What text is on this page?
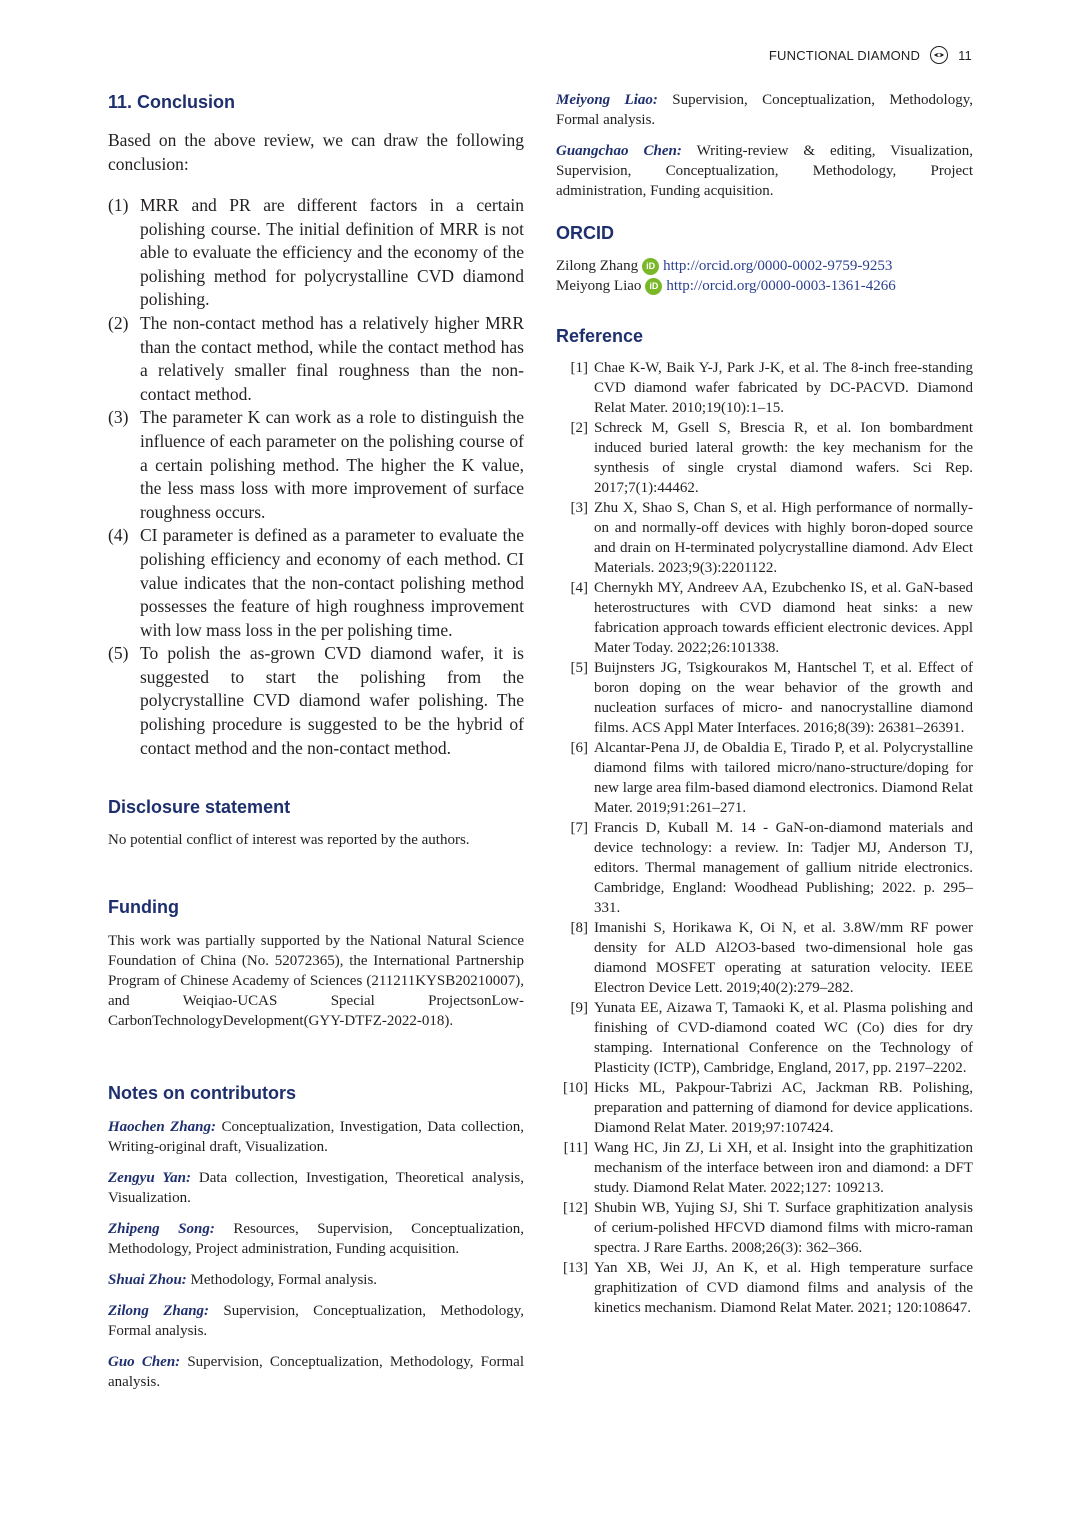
FUNCTIONAL DIAMOND	11
11. Conclusion

Based on the above review, we can draw the following conclusion:

(1) MRR and PR are different factors in a certain polishing course. The initial definition of MRR is not able to evaluate the efficiency and the economy of the polishing method for polycrystalline CVD diamond polishing.
(2) The non-contact method has a relatively higher MRR than the contact method, while the contact method has a relatively smaller final roughness than the non-contact method.
(3) The parameter K can work as a role to distinguish the influence of each parameter on the polishing course of a certain polishing method. The higher the K value, the less mass loss with more improvement of surface roughness occurs.
(4) CI parameter is defined as a parameter to evaluate the polishing efficiency and economy of each method. CI value indicates that the non-contact polishing method possesses the feature of high roughness improvement with low mass loss in the per polishing time.
(5) To polish the as-grown CVD diamond wafer, it is suggested to start the polishing from the polycrystalline CVD diamond wafer polishing. The polishing procedure is suggested to be the hybrid of contact method and the non-contact method.
Disclosure statement

No potential conflict of interest was reported by the authors.

Funding

This work was partially supported by the National Natural Science Foundation of China (No. 52072365), the International Partnership Program of Chinese Academy of Sciences (211211KYSB20210007), and Weiqiao-UCAS Special ProjectsonLow-CarbonTechnologyDevelopment(GYY-DTFZ-2022-018).

Notes on contributors

Haochen Zhang: Conceptualization, Investigation, Data collection, Writing-original draft, Visualization.

Zengyu Yan: Data collection, Investigation, Theoretical analysis, Visualization.

Zhipeng Song: Resources, Supervision, Conceptualization, Methodology, Project administration, Funding acquisition.

Shuai Zhou: Methodology, Formal analysis.

Zilong Zhang: Supervision, Conceptualization, Methodology, Formal analysis.

Guo Chen: Supervision, Conceptualization, Methodology, Formal analysis.

Meiyong Liao: Supervision, Conceptualization, Methodology, Formal analysis.

Guangchao Chen: Writing-review & editing, Visualization, Supervision, Conceptualization, Methodology, Project administration, Funding acquisition.

ORCID
Zilong Zhang iD http://orcid.org/0000-0002-9759-9253
Meiyong Liao iD http://orcid.org/0000-0003-1361-4266
Reference
[1] Chae K-W, Baik Y-J, Park J-K, et al. The 8-inch free-standing CVD diamond wafer fabricated by DC-PACVD. Diamond Relat Mater. 2010;19(10):1–15.
[2] Schreck M, Gsell S, Brescia R, et al. Ion bombardment induced buried lateral growth: the key mechanism for the synthesis of single crystal diamond wafers. Sci Rep. 2017;7(1):44462.
[3] Zhu X, Shao S, Chan S, et al. High performance of normally-on and normally-off devices with highly boron-doped source and drain on H-terminated polycrystalline diamond. Adv Elect Materials. 2023;9(3):2201122.
[4] Chernykh MY, Andreev AA, Ezubchenko IS, et al. GaN-based heterostructures with CVD diamond heat sinks: a new fabrication approach towards efficient electronic devices. Appl Mater Today. 2022;26:101338.
[5] Buijnsters JG, Tsigkourakos M, Hantschel T, et al. Effect of boron doping on the wear behavior of the growth and nucleation surfaces of micro- and nanocrystalline diamond films. ACS Appl Mater Interfaces. 2016;8(39): 26381–26391.
[6] Alcantar-Pena JJ, de Obaldia E, Tirado P, et al. Polycrystalline diamond films with tailored micro/nano-structure/doping for new large area film-based diamond electronics. Diamond Relat Mater. 2019;91:261–271.
[7] Francis D, Kuball M. 14 - GaN-on-diamond materials and device technology: a review. In: Tadjer MJ, Anderson TJ, editors. Thermal management of gallium nitride electronics. Cambridge, England: Woodhead Publishing; 2022. p. 295–331.
[8] Imanishi S, Horikawa K, Oi N, et al. 3.8W/mm RF power density for ALD Al2O3-based two-dimensional hole gas diamond MOSFET operating at saturation velocity. IEEE Electron Device Lett. 2019;40(2):279–282.
[9] Yunata EE, Aizawa T, Tamaoki K, et al. Plasma polishing and finishing of CVD-diamond coated WC (Co) dies for dry stamping. International Conference on the Technology of Plasticity (ICTP), Cambridge, England, 2017, pp. 2197–2202.
[10] Hicks ML, Pakpour-Tabrizi AC, Jackman RB. Polishing, preparation and patterning of diamond for device applications. Diamond Relat Mater. 2019;97:107424.
[11] Wang HC, Jin ZJ, Li XH, et al. Insight into the graphitization mechanism of the interface between iron and diamond: a DFT study. Diamond Relat Mater. 2022;127: 109213.
[12] Shubin WB, Yujing SJ, Shi T. Surface graphitization analysis of cerium-polished HFCVD diamond films with micro-raman spectra. J Rare Earths. 2008;26(3): 362–366.
[13] Yan XB, Wei JJ, An K, et al. High temperature surface graphitization of CVD diamond films and analysis of the kinetics mechanism. Diamond Relat Mater. 2021; 120:108647.
